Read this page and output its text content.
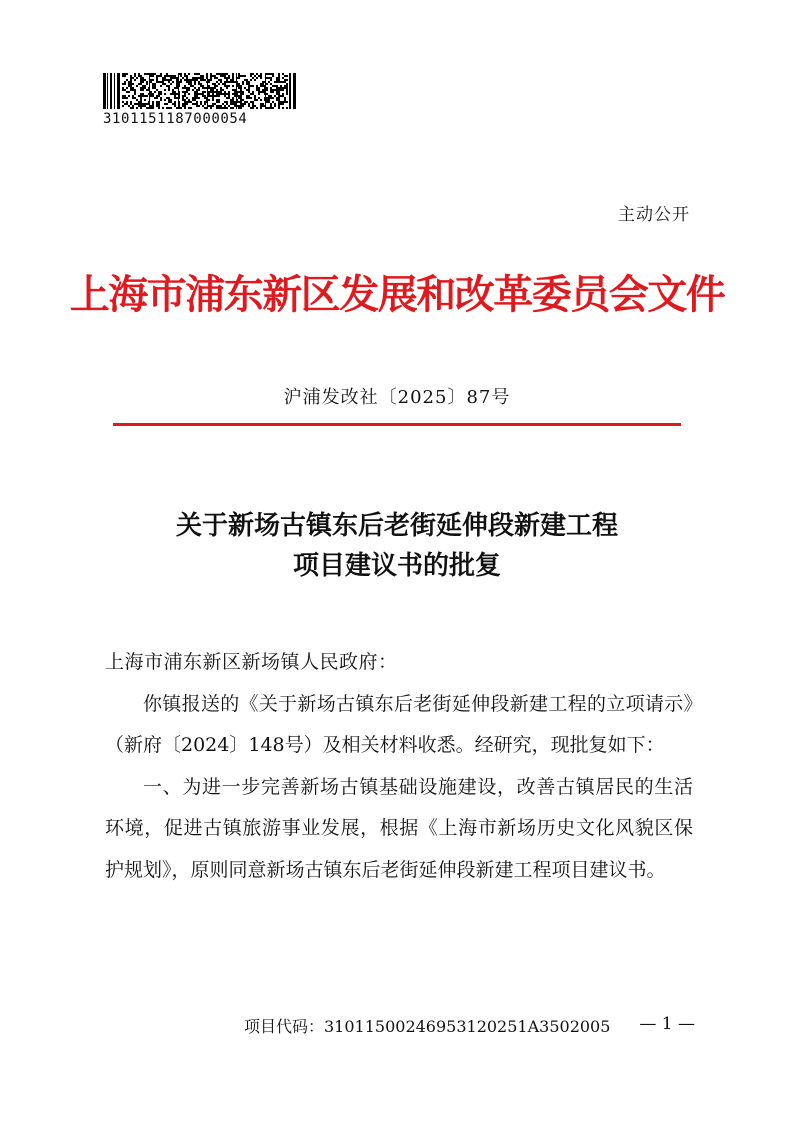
3101151187000054
主动公开
上海市浦东新区发展和改革委员会文件
沪浦发改社〔2025〕87号
关于新场古镇东后老街延伸段新建工程
项目建议书的批复

上海市浦东新区新场镇人民政府：

你镇报送的《关于新场古镇东后老街延伸段新建工程的立项请示》（新府〔2024〕148号）及相关材料收悉。经研究，现批复如下：

一、为进一步完善新场古镇基础设施建设，改善古镇居民的生活环境，促进古镇旅游事业发展，根据《上海市新场历史文化风貌区保护规划》，原则同意新场古镇东后老街延伸段新建工程项目建议书。

项目代码：31011500246953120251A3502005 — 1 —
